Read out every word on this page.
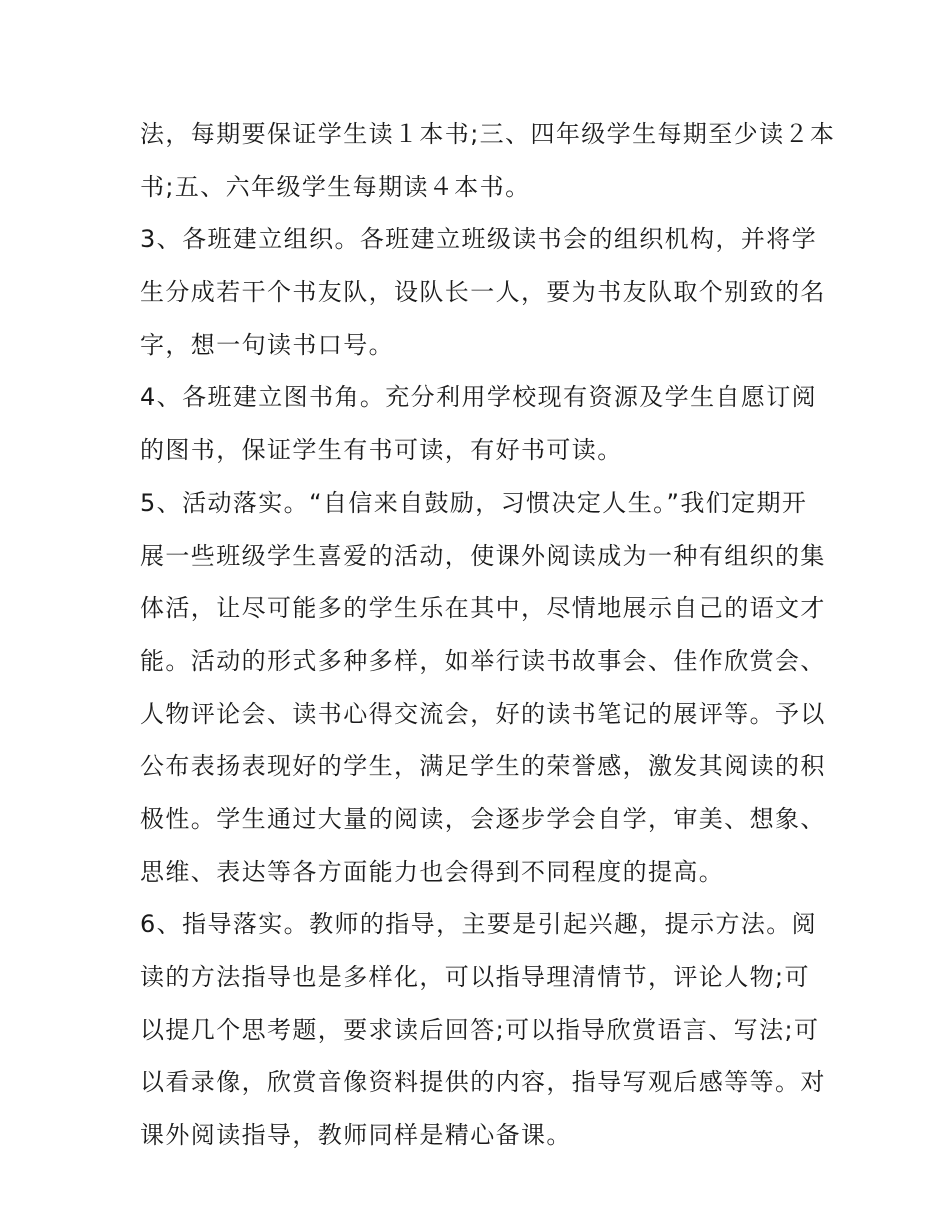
法，每期要保证学生读１本书;三、四年级学生每期至少读２本
书;五、六年级学生每期读４本书。
3、各班建立组织。各班建立班级读书会的组织机构，并将学
生分成若干个书友队，设队长一人，要为书友队取个别致的名
字，想一句读书口号。
4、各班建立图书角。充分利用学校现有资源及学生自愿订阅
的图书，保证学生有书可读，有好书可读。
5、活动落实。“自信来自鼓励，习惯决定人生。”我们定期开
展一些班级学生喜爱的活动，使课外阅读成为一种有组织的集
体活，让尽可能多的学生乐在其中，尽情地展示自己的语文才
能。活动的形式多种多样，如举行读书故事会、佳作欣赏会、
人物评论会、读书心得交流会，好的读书笔记的展评等。予以
公布表扬表现好的学生，满足学生的荣誉感，激发其阅读的积
极性。学生通过大量的阅读，会逐步学会自学，审美、想象、
思维、表达等各方面能力也会得到不同程度的提高。
6、指导落实。教师的指导，主要是引起兴趣，提示方法。阅
读的方法指导也是多样化，可以指导理清情节，评论人物;可
以提几个思考题，要求读后回答;可以指导欣赏语言、写法;可
以看录像，欣赏音像资料提供的内容，指导写观后感等等。对
课外阅读指导，教师同样是精心备课。
